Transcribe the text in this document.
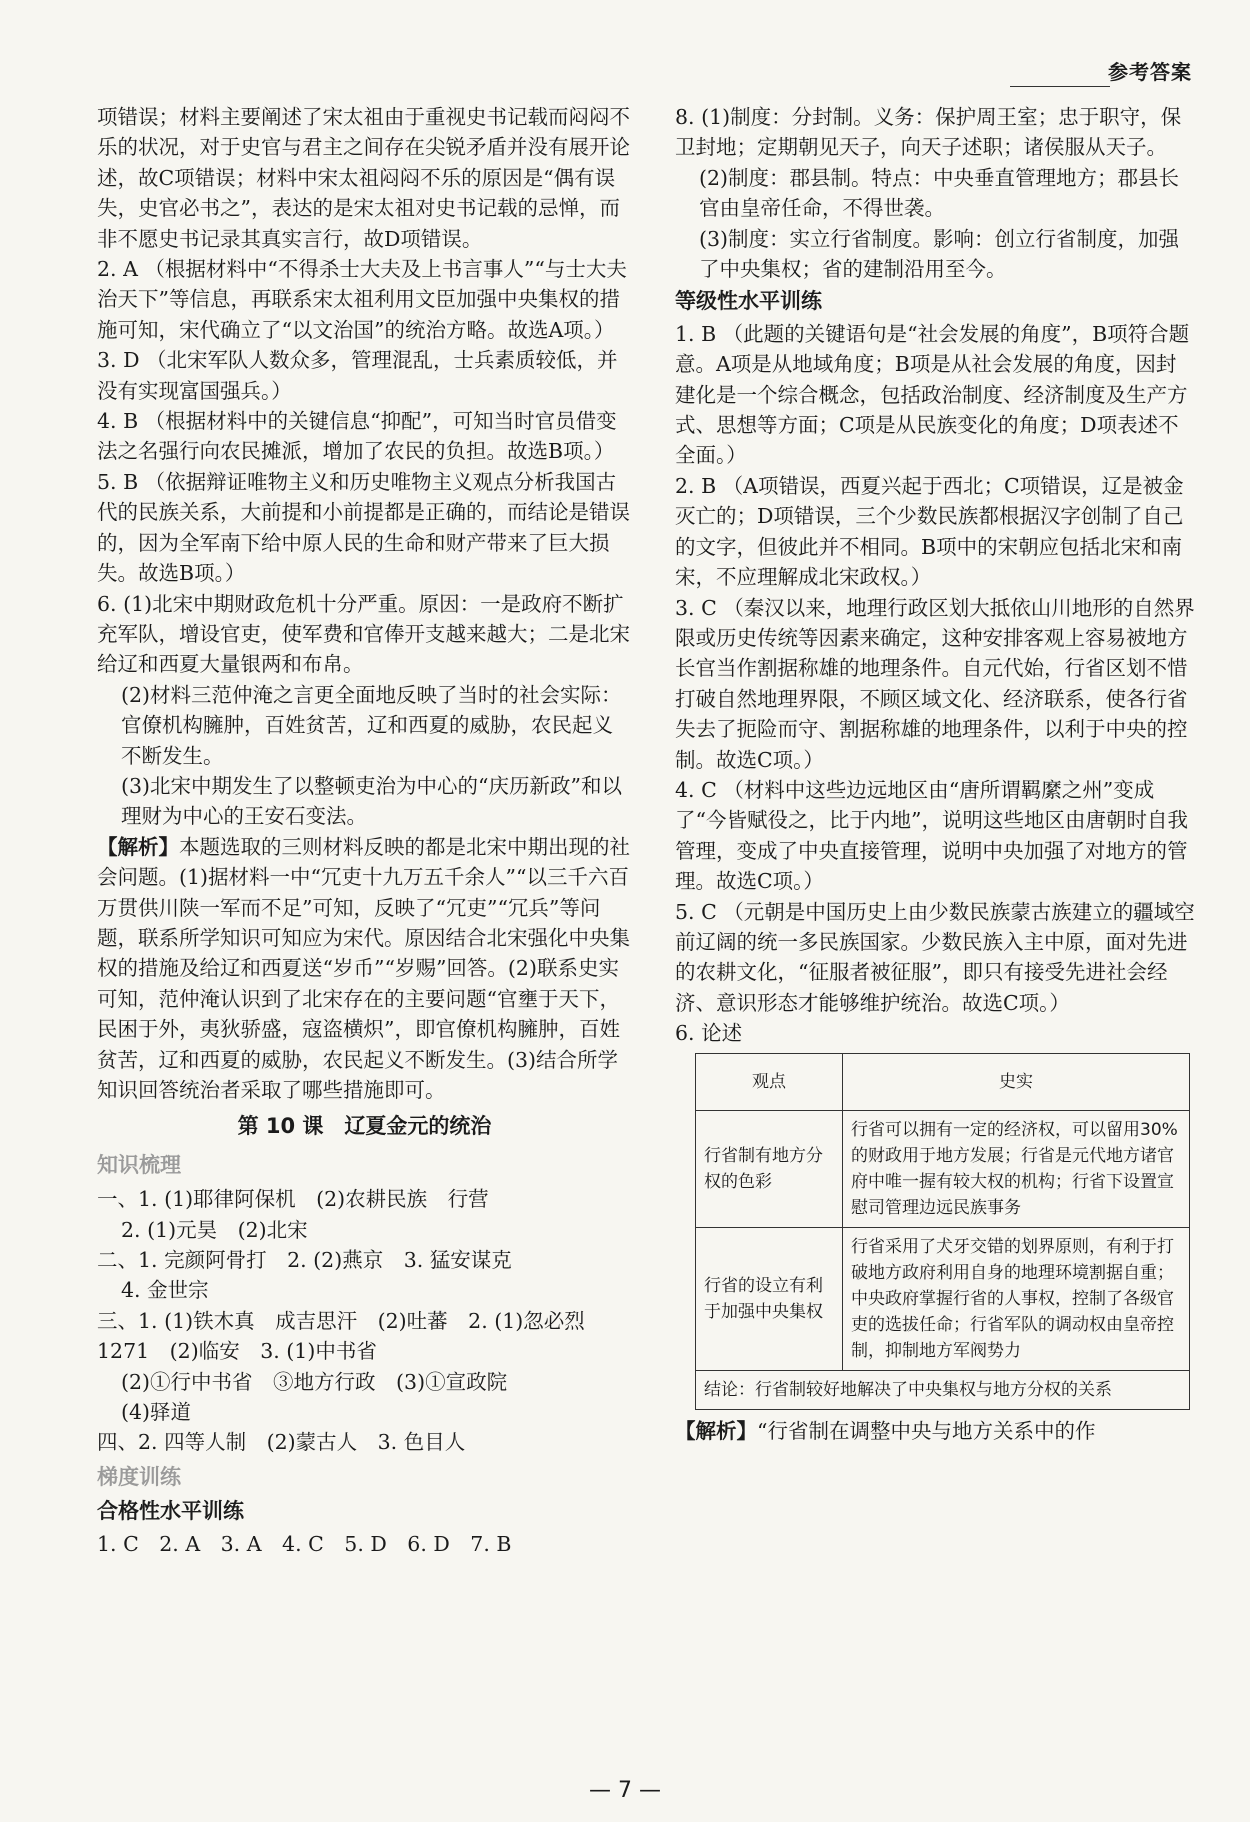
参考答案

项错误；材料主要阐述了宋太祖由于重视史书记载而闷闷不乐的状况，对于史官与君主之间存在尖锐矛盾并没有展开论述，故C项错误；材料中宋太祖闷闷不乐的原因是“偶有误失，史官必书之”，表达的是宋太祖对史书记载的忌惮，而非不愿史书记录其真实言行，故D项错误。

2. A （根据材料中“不得杀士大夫及上书言事人”“与士大夫治天下”等信息，再联系宋太祖利用文臣加强中央集权的措施可知，宋代确立了“以文治国”的统治方略。故选A项。）

3. D （北宋军队人数众多，管理混乱，士兵素质较低，并没有实现富国强兵。）

4. B （根据材料中的关键信息“抑配”，可知当时官员借变法之名强行向农民摊派，增加了农民的负担。故选B项。）

5. B （依据辩证唯物主义和历史唯物主义观点分析我国古代的民族关系，大前提和小前提都是正确的，而结论是错误的，因为全军南下给中原人民的生命和财产带来了巨大损失。故选B项。）

6. (1)北宋中期财政危机十分严重。原因：一是政府不断扩充军队，增设官吏，使军费和官俸开支越来越大；二是北宋给辽和西夏大量银两和布帛。

(2)材料三范仲淹之言更全面地反映了当时的社会实际：官僚机构臃肿，百姓贫苦，辽和西夏的威胁，农民起义不断发生。

(3)北宋中期发生了以整顿吏治为中心的“庆历新政”和以理财为中心的王安石变法。

【解析】本题选取的三则材料反映的都是北宋中期出现的社会问题。(1)据材料一中“冗吏十九万五千余人”“以三千六百万贯供川陕一军而不足”可知，反映了“冗吏”“冗兵”等问题，联系所学知识可知应为宋代。原因结合北宋强化中央集权的措施及给辽和西夏送“岁币”“岁赐”回答。(2)联系史实可知，范仲淹认识到了北宋存在的主要问题“官壅于天下，民困于外，夷狄骄盛，寇盗横炽”，即官僚机构臃肿，百姓贫苦，辽和西夏的威胁，农民起义不断发生。(3)结合所学知识回答统治者采取了哪些措施即可。

第 10 课　辽夏金元的统治
知识梳理

一、1. (1)耶律阿保机　(2)农耕民族　行营

2. (1)元昊　(2)北宋

二、1. 完颜阿骨打　2. (2)燕京　3. 猛安谋克

4. 金世宗

三、1. (1)铁木真　成吉思汗　(2)吐蕃　2. (1)忽必烈　1271　(2)临安　3. (1)中书省

(2)①行中书省　③地方行政　(3)①宣政院

(4)驿道

四、2. 四等人制　(2)蒙古人　3. 色目人

梯度训练
合格性水平训练

1. C　2. A　3. A　4. C　5. D　6. D　7. B

8. (1)制度：分封制。义务：保护周王室；忠于职守，保卫封地；定期朝见天子，向天子述职；诸侯服从天子。

(2)制度：郡县制。特点：中央垂直管理地方；郡县长官由皇帝任命，不得世袭。

(3)制度：实立行省制度。影响：创立行省制度，加强了中央集权；省的建制沿用至今。

等级性水平训练

1. B （此题的关键语句是“社会发展的角度”，B项符合题意。A项是从地域角度；B项是从社会发展的角度，因封建化是一个综合概念，包括政治制度、经济制度及生产方式、思想等方面；C项是从民族变化的角度；D项表述不全面。）

2. B （A项错误，西夏兴起于西北；C项错误，辽是被金灭亡的；D项错误，三个少数民族都根据汉字创制了自己的文字，但彼此并不相同。B项中的宋朝应包括北宋和南宋，不应理解成北宋政权。）

3. C （秦汉以来，地理行政区划大抵依山川地形的自然界限或历史传统等因素来确定，这种安排客观上容易被地方长官当作割据称雄的地理条件。自元代始，行省区划不惜打破自然地理界限，不顾区域文化、经济联系，使各行省失去了扼险而守、割据称雄的地理条件，以利于中央的控制。故选C项。）

4. C （材料中这些边远地区由“唐所谓羁縻之州”变成了“今皆赋役之，比于内地”，说明这些地区由唐朝时自我管理，变成了中央直接管理，说明中央加强了对地方的管理。故选C项。）

5. C （元朝是中国历史上由少数民族蒙古族建立的疆域空前辽阔的统一多民族国家。少数民族入主中原，面对先进的农耕文化，“征服者被征服”，即只有接受先进社会经济、意识形态才能够维护统治。故选C项。）

6. 论述

观点	史实
行省制有地方分权的色彩	行省可以拥有一定的经济权，可以留用30%的财政用于地方发展；行省是元代地方诸官府中唯一握有较大权的机构；行省下设置宣慰司管理边远民族事务
行省的设立有利于加强中央集权	行省采用了犬牙交错的划界原则，有利于打破地方政府利用自身的地理环境割据自重；中央政府掌握行省的人事权，控制了各级官吏的选拔任命；行省军队的调动权由皇帝控制，抑制地方军阀势力
结论：行省制较好地解决了中央集权与地方分权的关系	

【解析】“行省制在调整中央与地方关系中的作

— 7 —
